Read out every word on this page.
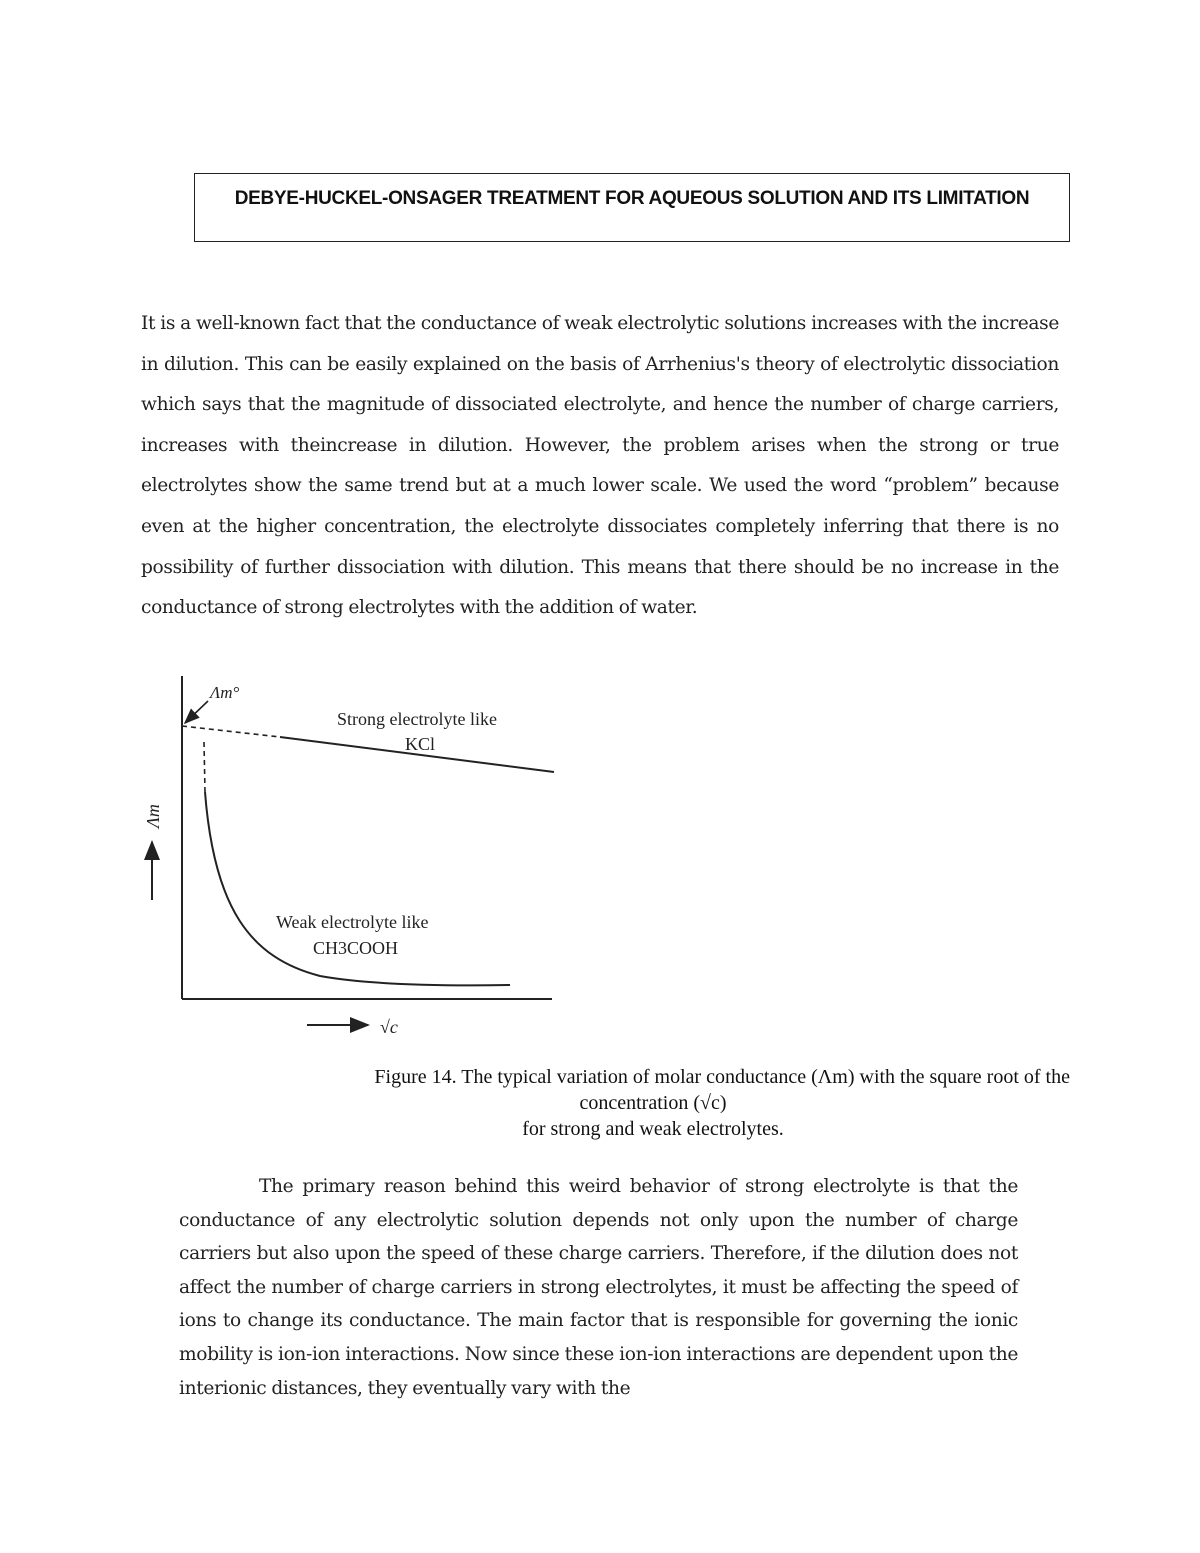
DEBYE-HUCKEL-ONSAGER TREATMENT FOR AQUEOUS SOLUTION AND ITS LIMITATION
It is a well-known fact that the conductance of weak electrolytic solutions increases with the increase in dilution. This can be easily explained on the basis of Arrhenius's theory of electrolytic dissociation which says that the magnitude of dissociated electrolyte, and hence the number of charge carriers, increases with theincrease in dilution. However, the problem arises when the strong or true electrolytes show the same trend but at a much lower scale. We used the word “problem” because even at the higher concentration, the electrolyte dissociates completely inferring that there is no possibility of further dissociation with dilution. This means that there should be no increase in the conductance of strong electrolytes with the addition of water.
Λm°
Strong electrolyte like
KCl
Weak electrolyte like
CH3COOH
Λm
√c
Figure 14. The typical variation of molar conductance (Λm) with the square root of the
concentration (√c)
for strong and weak electrolytes.
The primary reason behind this weird behavior of strong electrolyte is that the conductance of any electrolytic solution depends not only upon the number of charge carriers but also upon the speed of these charge carriers. Therefore, if the dilution does not affect the number of charge carriers in strong electrolytes, it must be affecting the speed of ions to change its conductance. The main factor that is responsible for governing the ionic mobility is ion-ion interactions. Now since these ion-ion interactions are dependent upon the interionic distances, they eventually vary with the
